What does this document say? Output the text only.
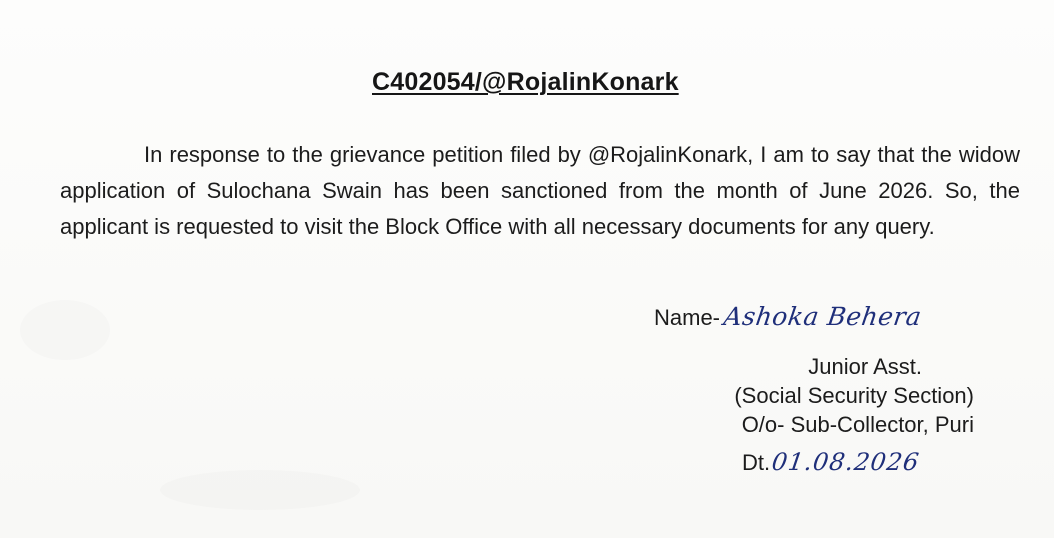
C402054/@RojalinKonark

In response to the grievance petition filed by @RojalinKonark, I am to say that the widow application of Sulochana Swain has been sanctioned from the month of June 2026. So, the applicant is requested to visit the Block Office with all necessary documents for any query.

Name-Ashoka Behera
Junior Asst.
(Social Security Section)
O/o- Sub-Collector, Puri
Dt.01.08.2026
